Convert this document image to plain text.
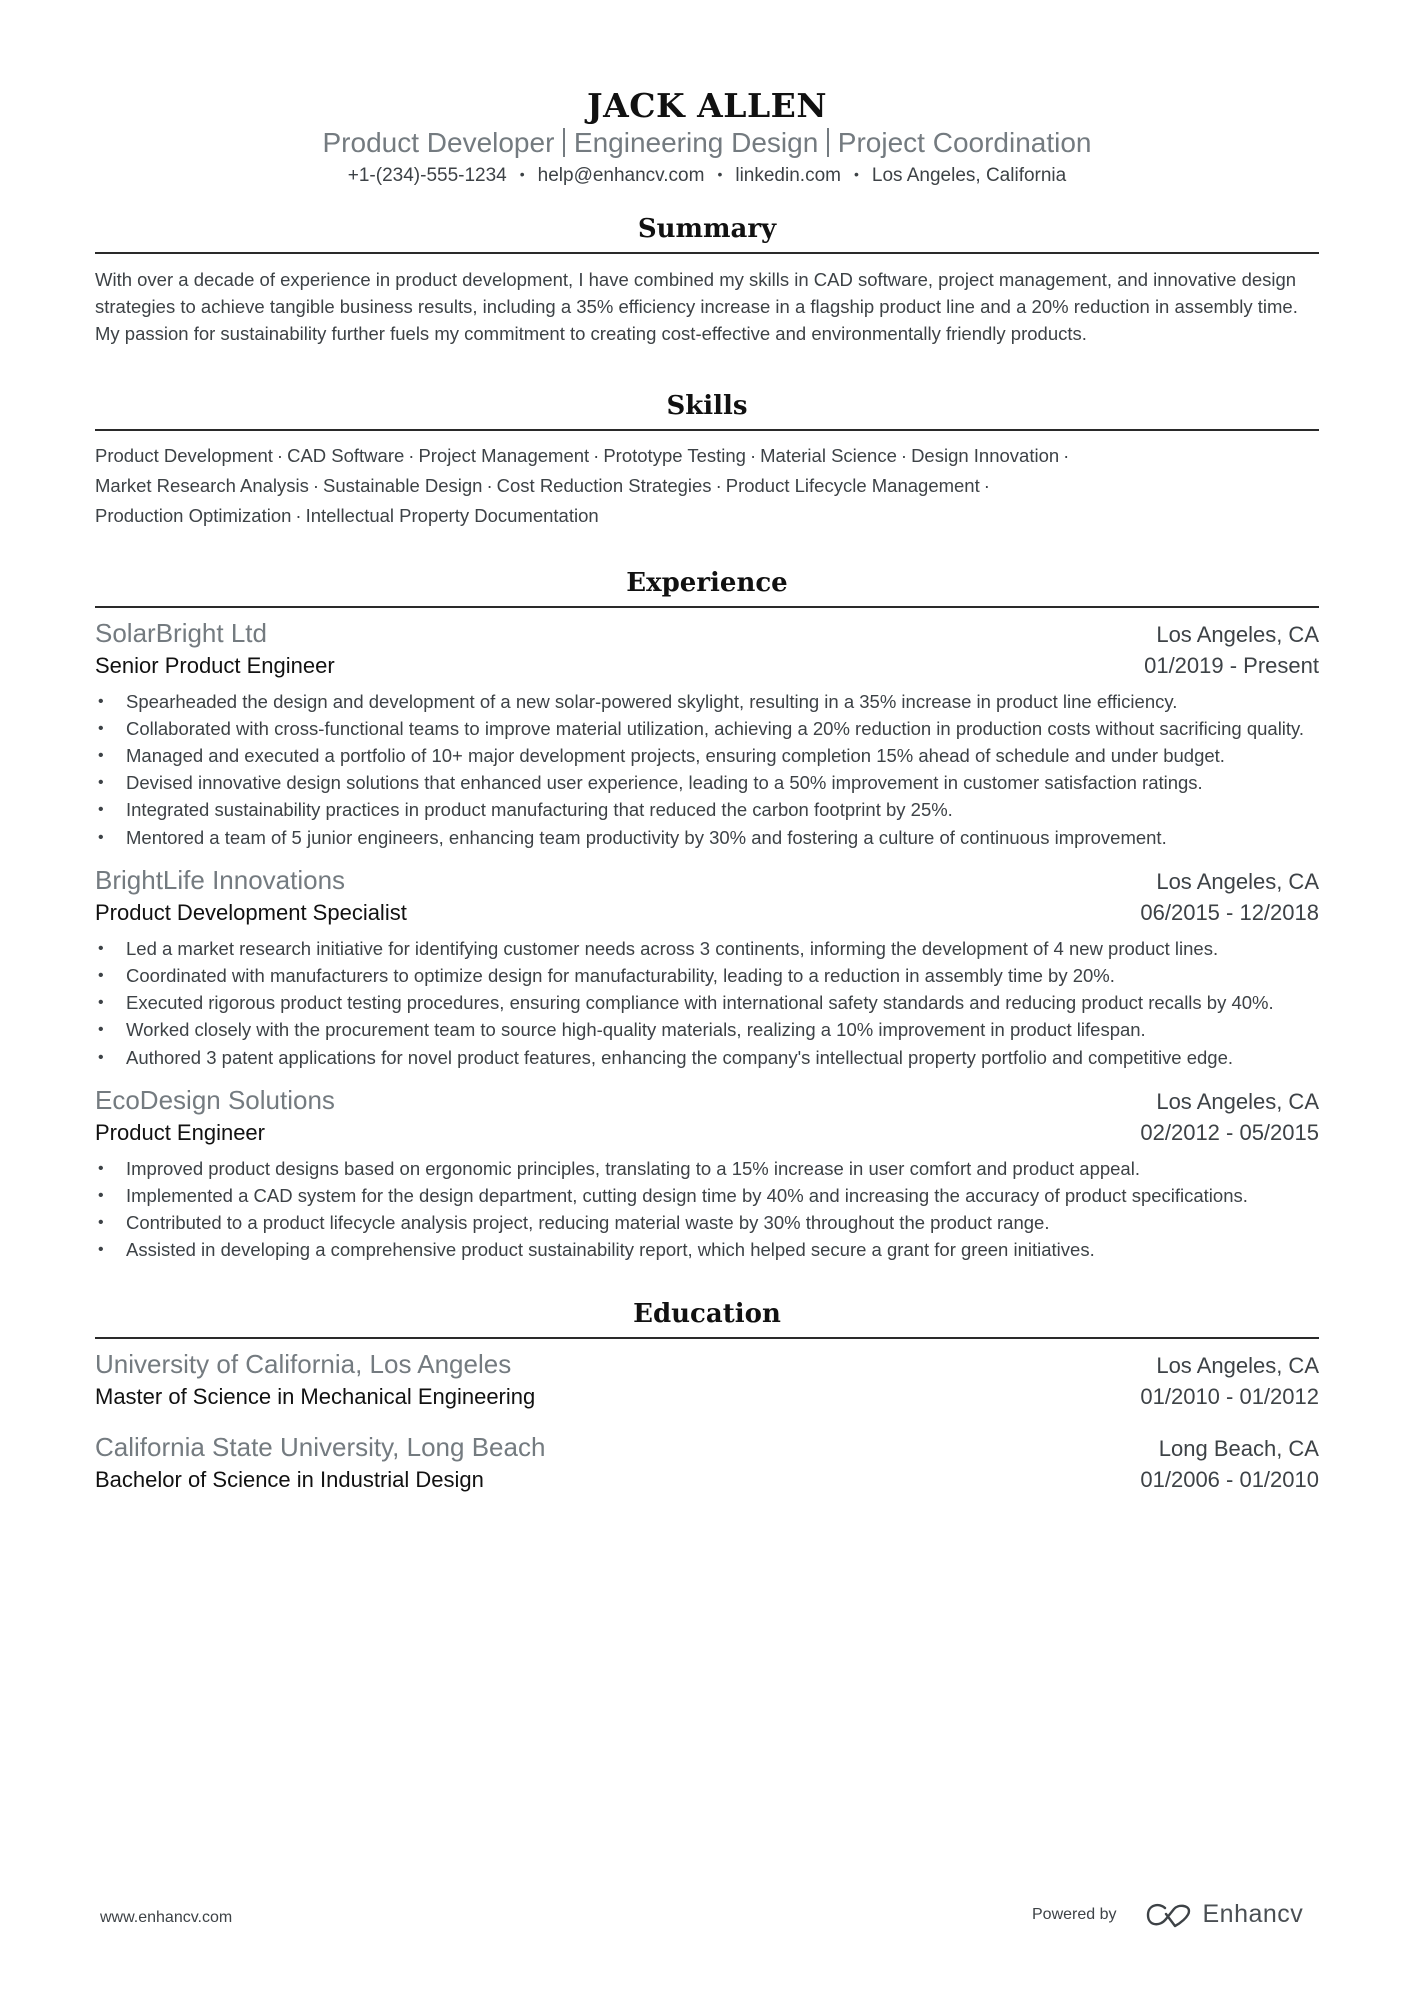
JACK ALLEN
Product Developer Engineering Design Project Coordination
+1-(234)-555-1234 • help@enhancv.com • linkedin.com • Los Angeles, California
Summary
With over a decade of experience in product development, I have combined my skills in CAD software, project management, and innovative design strategies to achieve tangible business results, including a 35% efficiency increase in a flagship product line and a 20% reduction in assembly time. My passion for sustainability further fuels my commitment to creating cost-effective and environmentally friendly products.
Skills
Product Development · CAD Software · Project Management · Prototype Testing · Material Science · Design Innovation ·
Market Research Analysis · Sustainable Design · Cost Reduction Strategies · Product Lifecycle Management ·
Production Optimization · Intellectual Property Documentation
Experience
SolarBright Ltd	Los Angeles, CA
Senior Product Engineer	01/2019 - Present
• Spearheaded the design and development of a new solar-powered skylight, resulting in a 35% increase in product line efficiency.
• Collaborated with cross-functional teams to improve material utilization, achieving a 20% reduction in production costs without sacrificing quality.
• Managed and executed a portfolio of 10+ major development projects, ensuring completion 15% ahead of schedule and under budget.
• Devised innovative design solutions that enhanced user experience, leading to a 50% improvement in customer satisfaction ratings.
• Integrated sustainability practices in product manufacturing that reduced the carbon footprint by 25%.
• Mentored a team of 5 junior engineers, enhancing team productivity by 30% and fostering a culture of continuous improvement.
BrightLife Innovations	Los Angeles, CA
Product Development Specialist	06/2015 - 12/2018
• Led a market research initiative for identifying customer needs across 3 continents, informing the development of 4 new product lines.
• Coordinated with manufacturers to optimize design for manufacturability, leading to a reduction in assembly time by 20%.
• Executed rigorous product testing procedures, ensuring compliance with international safety standards and reducing product recalls by 40%.
• Worked closely with the procurement team to source high-quality materials, realizing a 10% improvement in product lifespan.
• Authored 3 patent applications for novel product features, enhancing the company's intellectual property portfolio and competitive edge.
EcoDesign Solutions	Los Angeles, CA
Product Engineer	02/2012 - 05/2015
• Improved product designs based on ergonomic principles, translating to a 15% increase in user comfort and product appeal.
• Implemented a CAD system for the design department, cutting design time by 40% and increasing the accuracy of product specifications.
• Contributed to a product lifecycle analysis project, reducing material waste by 30% throughout the product range.
• Assisted in developing a comprehensive product sustainability report, which helped secure a grant for green initiatives.
Education
University of California, Los Angeles	Los Angeles, CA
Master of Science in Mechanical Engineering	01/2010 - 01/2012
California State University, Long Beach	Long Beach, CA
Bachelor of Science in Industrial Design	01/2006 - 01/2010
www.enhancv.com	Powered by	Enhancv
